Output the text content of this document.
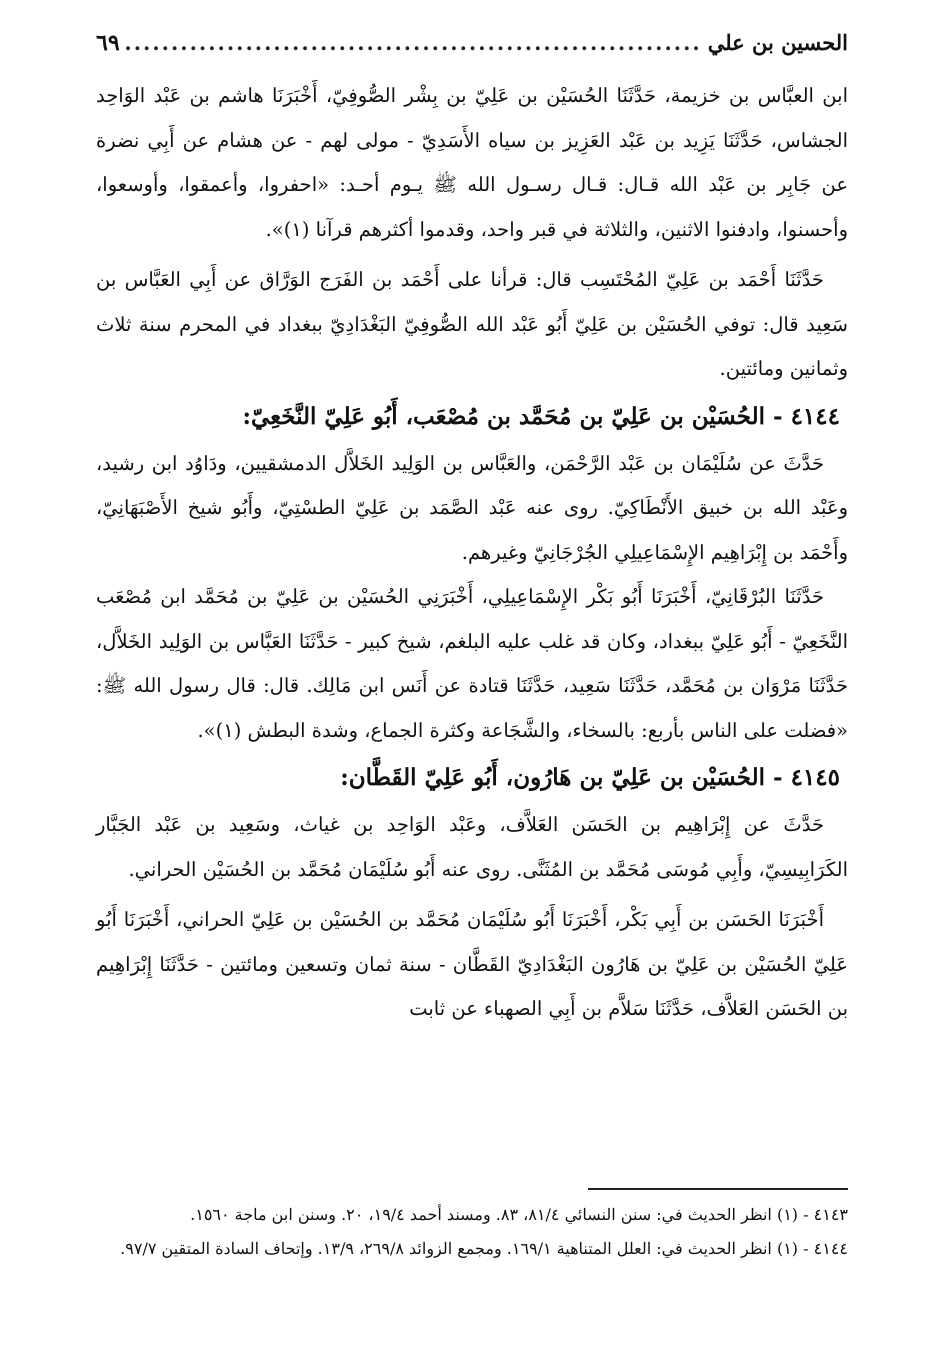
الحسين بن علي
.....
٦٩

ابن العبَّاس بن خزيمة، حَدَّثَنَا الحُسَيْن بن عَلِيّ بن بِشْر الصُّوفِيّ، أَخْبَرَنَا هاشم بن عَبْد الوَاحِد الجشاس، حَدَّثَنَا يَزِيد بن عَبْد العَزِيز بن سياه الأَسَدِيّ - مولى لهم - عن هشام عن أَبِي نضرة عن جَابِر بن عَبْد الله قـال: قـال رسـول الله ﷺ يـوم أحـد: «احفروا، وأعمقوا، وأوسعوا، وأحسنوا، وادفنوا الاثنين، والثلاثة في قبر واحد، وقدموا أكثرهم قرآنا (١)».

حَدَّثَنَا أَحْمَد بن عَلِيّ المُحْتَسِب قال: قرأنا على أَحْمَد بن الفَرَج الوَرَّاق عن أَبِي العَبَّاس بن سَعِيد قال: توفي الحُسَيْن بن عَلِيّ أَبُو عَبْد الله الصُّوفِيّ البَغْدَادِيّ ببغداد في المحرم سنة ثلاث وثمانين ومائتين.

٤١٤٤ - الحُسَيْن بن عَلِيّ بن مُحَمَّد بن مُصْعَب، أَبُو عَلِيّ النَّخَعِيّ:

حَدَّثَ عن سُلَيْمَان بن عَبْد الرَّحْمَن، والعَبَّاس بن الوَلِيد الخَلاَّل الدمشقيين، ودَاوُد ابن رشيد، وعَبْد الله بن خبيق الأَنْطَاكِيّ. روى عنه عَبْد الصَّمَد بن عَلِيّ الطسْتِيّ، وأَبُو شيخ الأَصْبَهَانِيّ، وأَحْمَد بن إِبْرَاهِيم الإِسْمَاعِيلِي الجُرْجَانِيّ وغيرهم.

حَدَّثَنَا البُرْقَانِيّ، أَخْبَرَنَا أَبُو بَكْر الإِسْمَاعِيلِي، أَخْبَرَنِي الحُسَيْن بن عَلِيّ بن مُحَمَّد ابن مُصْعَب النَّخَعِيّ - أَبُو عَلِيّ ببغداد، وكان قد غلب عليه البلغم، شيخ كبير - حَدَّثَنَا العَبَّاس بن الوَلِيد الخَلاَّل، حَدَّثَنَا مَرْوَان بن مُحَمَّد، حَدَّثَنَا سَعِيد، حَدَّثَنَا قتادة عن أَنَس ابن مَالِك. قال: قال رسول الله ﷺ: «فضلت على الناس بأربع: بالسخاء، والشَّجَاعة وكثرة الجماع، وشدة البطش (١)».

٤١٤٥ - الحُسَيْن بن عَلِيّ بن هَارُون، أَبُو عَلِيّ القَطَّان:

حَدَّثَ عن إِبْرَاهِيم بن الحَسَن العَلاَّف، وعَبْد الوَاحِد بن غياث، وسَعِيد بن عَبْد الجَبَّار الكَرَابِيسِيّ، وأَبِي مُوسَى مُحَمَّد بن المُثَنَّى. روى عنه أَبُو سُلَيْمَان مُحَمَّد بن الحُسَيْن الحراني.

أَخْبَرَنَا الحَسَن بن أَبِي بَكْر، أَخْبَرَنَا أَبُو سُلَيْمَان مُحَمَّد بن الحُسَيْن بن عَلِيّ الحراني، أَخْبَرَنَا أَبُو عَلِيّ الحُسَيْن بن عَلِيّ بن هَارُون البَغْدَادِيّ القَطَّان - سنة ثمان وتسعين ومائتين - حَدَّثَنَا إِبْرَاهِيم بن الحَسَن العَلاَّف، حَدَّثَنَا سَلاَّم بن أَبِي الصهباء عن ثابت

٤١٤٣ - (١) انظر الحديث في: سنن النسائي ٨١/٤، ٨٣. ومسند أحمد ١٩/٤، ٢٠. وسنن ابن ماجة ١٥٦٠.

٤١٤٤ - (١) انظر الحديث في: العلل المتناهية ١٦٩/١. ومجمع الزوائد ٢٦٩/٨، ١٣/٩. وإتحاف السادة المتقين ٩٧/٧.
